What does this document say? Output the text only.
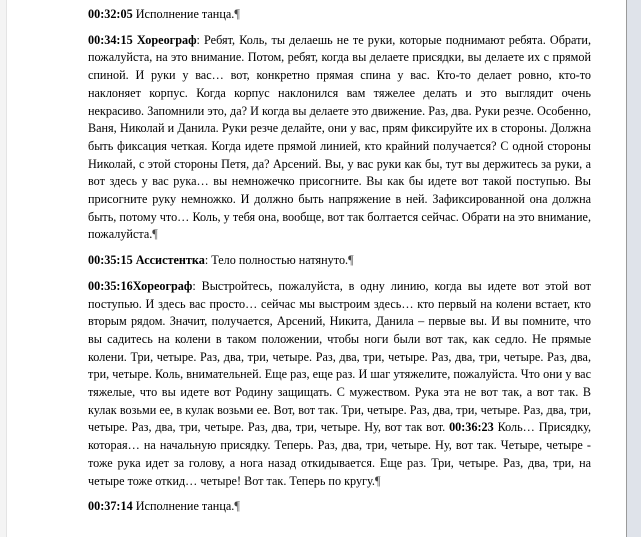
00:32:05 Исполнение танца.¶

00:34:15 Хореограф: Ребят, Коль, ты делаешь не те руки, которые поднимают ребята. Обрати, пожалуйста, на это внимание. Потом, ребят, когда вы делаете присядки, вы делаете их с прямой спиной. И руки у вас… вот, конкретно прямая спина у вас. Кто-то делает ровно, кто-то наклоняет корпус. Когда корпус наклонился вам тяжелее делать и это выглядит очень некрасиво. Запомнили это, да? И когда вы делаете это движение. Раз, два. Руки резче. Особенно, Ваня, Николай и Данила. Руки резче делайте, они у вас, прям фиксируйте их в стороны. Должна быть фиксация четкая. Когда идете прямой линией, кто крайний получается? С одной стороны Николай, с этой стороны Петя, да? Арсений. Вы, у вас руки как бы, тут вы держитесь за руки, а вот здесь у вас рука… вы немножечко присогните. Вы как бы идете вот такой поступью. Вы присогните руку немножко. И должно быть напряжение в ней. Зафиксированной она должна быть, потому что… Коль, у тебя она, вообще, вот так болтается сейчас. Обрати на это внимание, пожалуйста.¶

00:35:15 Ассистентка: Тело полностью натянуто.¶

00:35:16Хореограф: Выстройтесь, пожалуйста, в одну линию, когда вы идете вот этой вот поступью. И здесь вас просто… сейчас мы выстроим здесь… кто первый на колени встает, кто вторым рядом. Значит, получается, Арсений, Никита, Данила – первые вы. И вы помните, что вы садитесь на колени в таком положении, чтобы ноги были вот так, как седло. Не прямые колени. Три, четыре. Раз, два, три, четыре. Раз, два, три, четыре. Раз, два, три, четыре. Раз, два, три, четыре. Коль, внимательней. Еще раз, еще раз. И шаг утяжелите, пожалуйста. Что они у вас тяжелые, что вы идете вот Родину защищать. С мужеством. Рука эта не вот так, а вот так. В кулак возьми ее, в кулак возьми ее. Вот, вот так. Три, четыре. Раз, два, три, четыре. Раз, два, три, четыре. Раз, два, три, четыре. Раз, два, три, четыре. Ну, вот так вот. 00:36:23 Коль… Присядку, которая… на начальную присядку. Теперь. Раз, два, три, четыре. Ну, вот так. Четыре, четыре - тоже рука идет за голову, а нога назад откидывается. Еще раз. Три, четыре. Раз, два, три, на четыре тоже откид… четыре! Вот так. Теперь по кругу.¶

00:37:14 Исполнение танца.¶
